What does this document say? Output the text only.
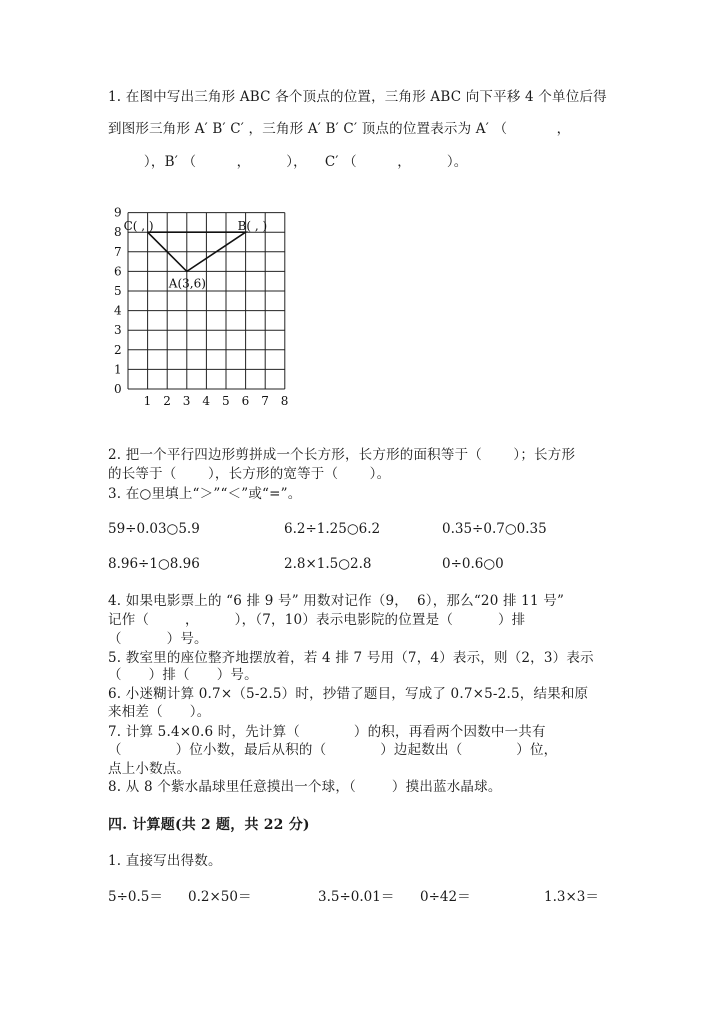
1. 在图中写出三角形 ABC 各个顶点的位置，三角形 ABC 向下平移 4 个单位后得
到图形三角形 A′ B′ C′ ，三角形 A′ B′ C′ 顶点的位置表示为 A′ （           ，
），B′ （         ，        ），    C′ （         ，        ）。
0
1
2
3
4
5
6
7
8
9
1 2 3 4 5 6 7 8
C( , )	B( , )
A(3,6)
2. 把一个平行四边形剪拼成一个长方形，长方形的面积等于（       ）；长方形
的长等于（       ），长方形的宽等于（       ）。
3. 在○里填上“＞”“＜”或“=”。
59÷0.03○5.9	6.2÷1.25○6.2	0.35÷0.7○0.35
8.96÷1○8.96	2.8×1.5○2.8	0÷0.6○0
4. 如果电影票上的 “6 排 9 号” 用数对记作（9，  6），那么“20 排 11 号”
记作（        ，        ），（7，10）表示电影院的位置是（          ）排
（          ）号。
5. 教室里的座位整齐地摆放着，若 4 排 7 号用（7，4）表示，则（2，3）表示
（      ）排（      ）号。
6. 小迷糊计算 0.7×（5-2.5）时，抄错了题目，写成了 0.7×5-2.5，结果和原
来相差（      ）。
7. 计算 5.4×0.6 时，先计算（            ）的积，再看两个因数中一共有
（            ）位小数，最后从积的（            ）边起数出（            ）位，
点上小数点。
8. 从 8 个紫水晶球里任意摸出一个球，（        ）摸出蓝水晶球。
四. 计算题(共 2 题，共 22 分)
1. 直接写出得数。
5÷0.5＝ 0.2×50＝	3.5÷0.01＝ 0÷42＝	1.3×3＝
